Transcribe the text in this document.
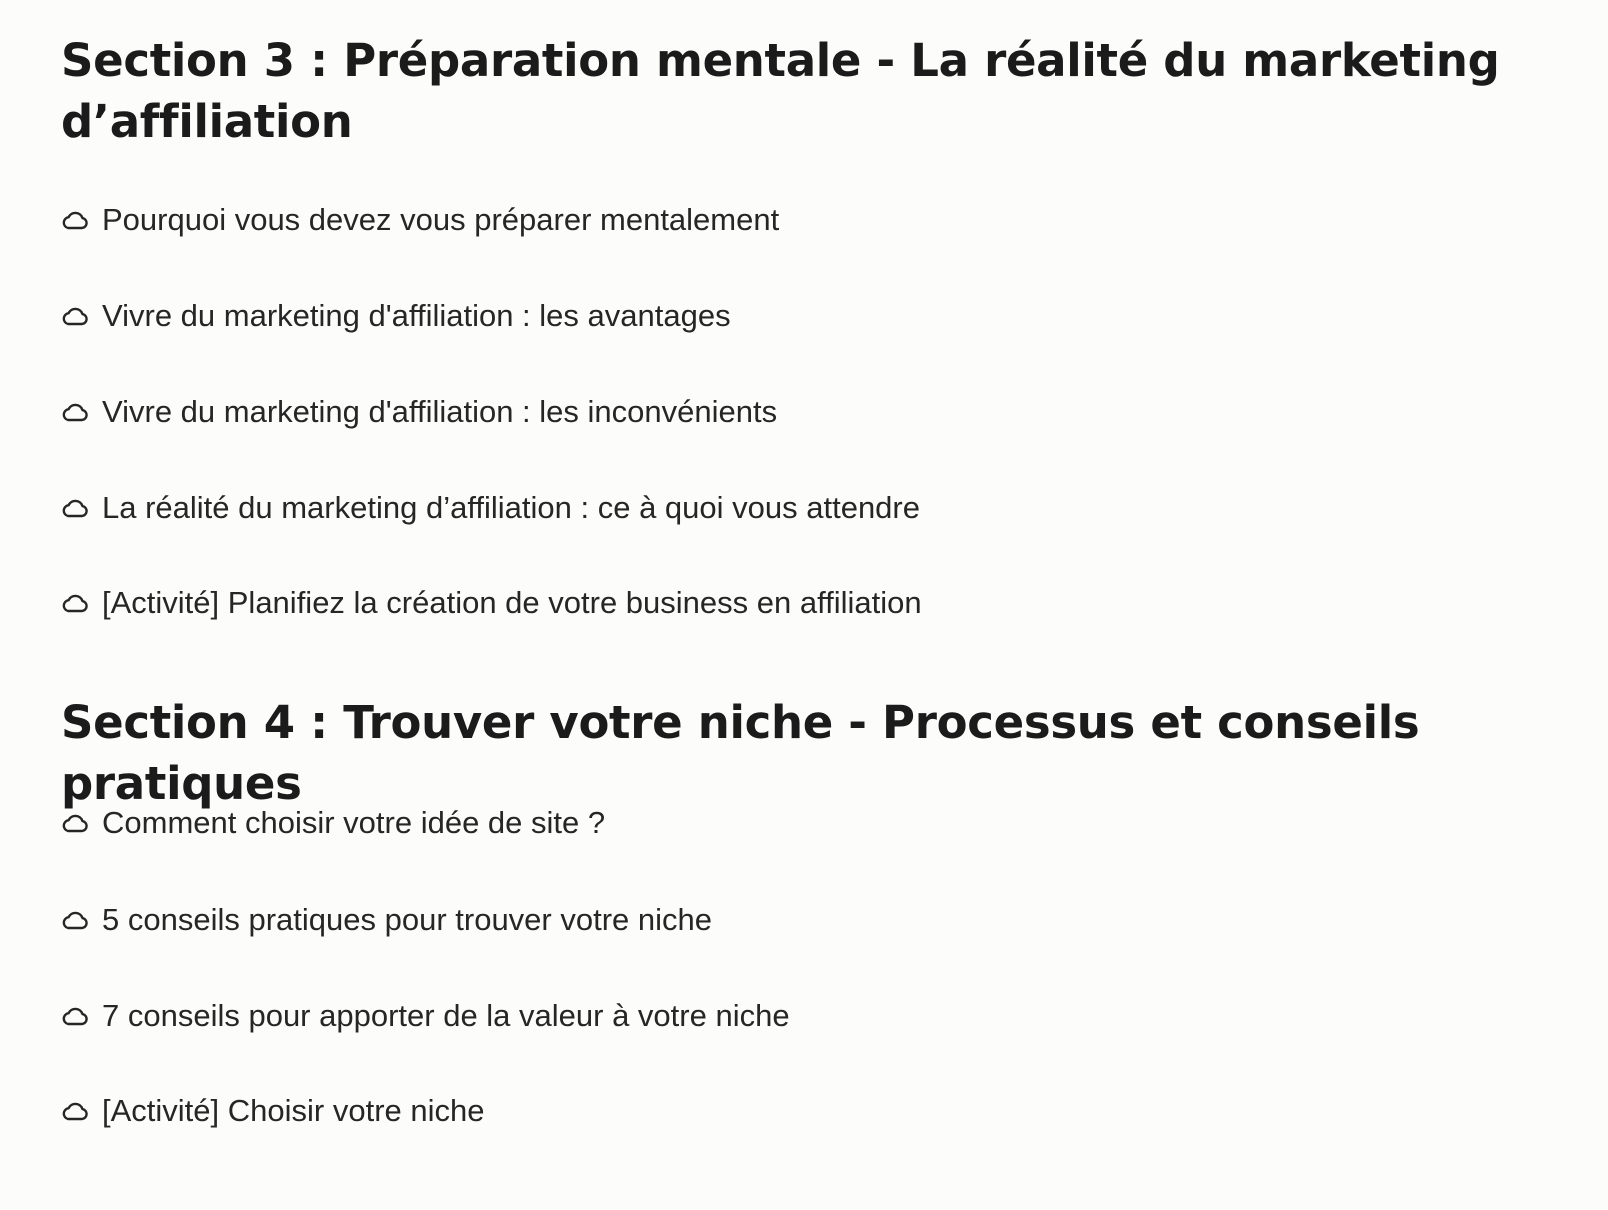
Section 3 : Préparation mentale - La réalité du marketing d’affiliation
Pourquoi vous devez vous préparer mentalement
Vivre du marketing d'affiliation : les avantages
Vivre du marketing d'affiliation : les inconvénients
La réalité du marketing d’affiliation : ce à quoi vous attendre
[Activité] Planifiez la création de votre business en affiliation
Section 4 : Trouver votre niche - Processus et conseils pratiques
Comment choisir votre idée de site ?
5 conseils pratiques pour trouver votre niche
7 conseils pour apporter de la valeur à votre niche
[Activité] Choisir votre niche
